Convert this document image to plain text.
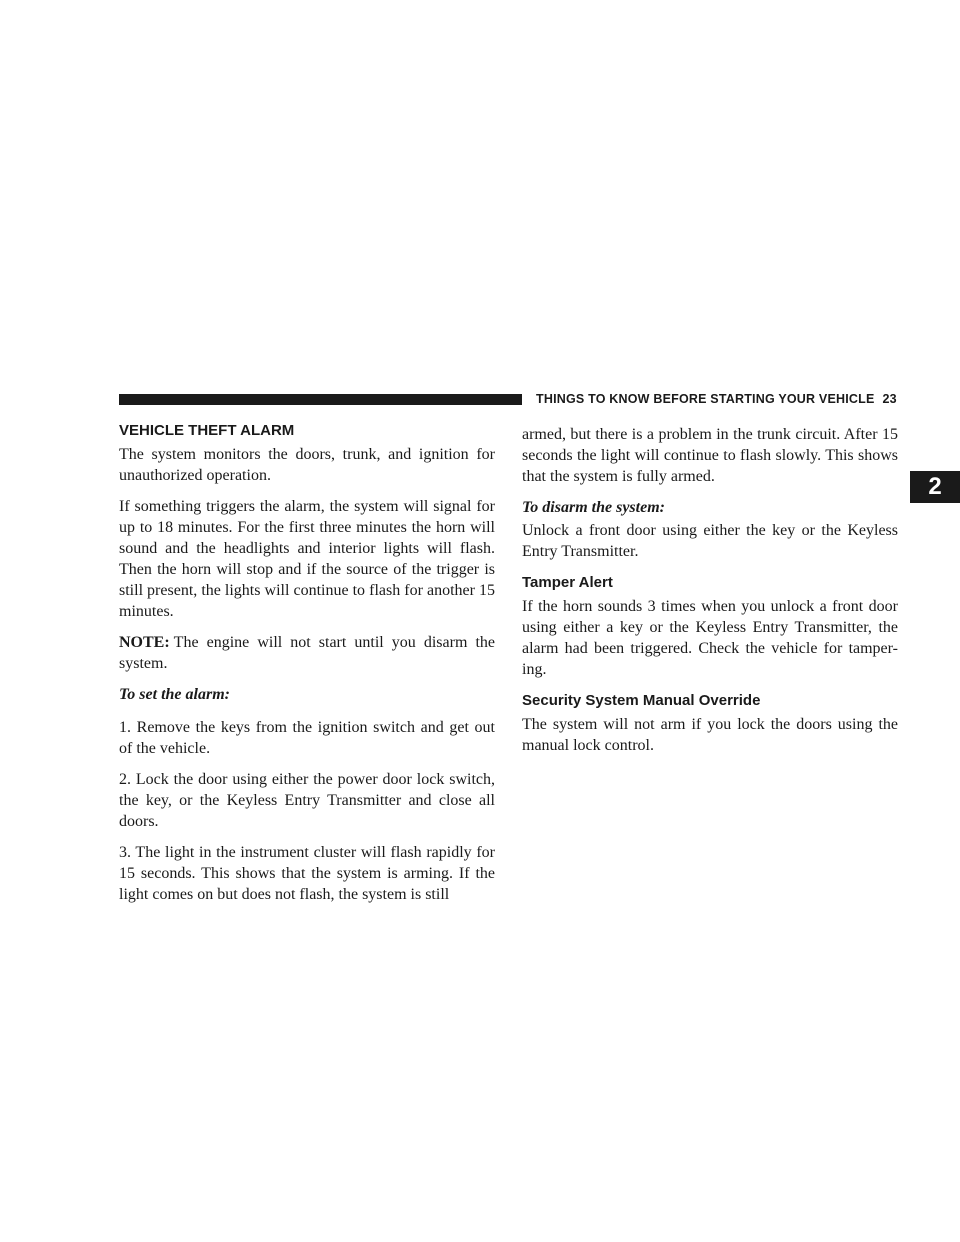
THINGS TO KNOW BEFORE STARTING YOUR VEHICLE 23
2
VEHICLE THEFT ALARM

The system monitors the doors, trunk, and ignition for unauthorized operation.

If something triggers the alarm, the system will signal for up to 18 minutes. For the first three minutes the horn will sound and the headlights and interior lights will flash. Then the horn will stop and if the source of the trigger is still present, the lights will continue to flash for another 15 minutes.

NOTE: The engine will not start until you disarm the system.

To set the alarm:

1. Remove the keys from the ignition switch and get out of the vehicle.

2. Lock the door using either the power door lock switch, the key, or the Keyless Entry Transmitter and close all doors.

3. The light in the instrument cluster will flash rapidly for 15 seconds. This shows that the system is arming. If the light comes on but does not flash, the system is still

armed, but there is a problem in the trunk circuit. After 15 seconds the light will continue to flash slowly. This shows that the system is fully armed.

To disarm the system:

Unlock a front door using either the key or the Keyless Entry Transmitter.

Tamper Alert

If the horn sounds 3 times when you unlock a front door using either a key or the Keyless Entry Transmitter, the alarm had been triggered. Check the vehicle for tamper-ing.

Security System Manual Override

The system will not arm if you lock the doors using the manual lock control.
